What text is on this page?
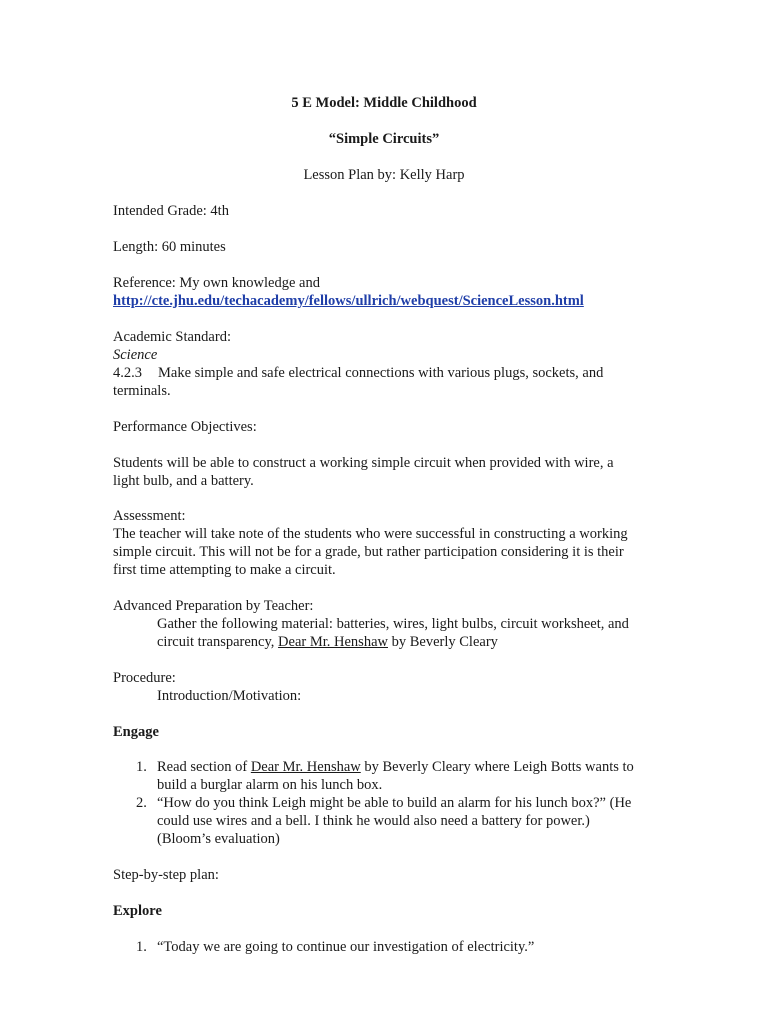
5 E Model: Middle Childhood
“Simple Circuits”
Lesson Plan by: Kelly Harp
Intended Grade: 4th
Length: 60 minutes
Reference: My own knowledge and
http://cte.jhu.edu/techacademy/fellows/ullrich/webquest/ScienceLesson.html
Academic Standard:
Science
4.2.3 Make simple and safe electrical connections with various plugs, sockets, and
terminals.
Performance Objectives:
Students will be able to construct a working simple circuit when provided with wire, a
light bulb, and a battery.
Assessment:
The teacher will take note of the students who were successful in constructing a working
simple circuit. This will not be for a grade, but rather participation considering it is their
first time attempting to make a circuit.
Advanced Preparation by Teacher:
Gather the following material: batteries, wires, light bulbs, circuit worksheet, and
circuit transparency, Dear Mr. Henshaw by Beverly Cleary
Procedure:
Introduction/Motivation:
Engage
1. Read section of Dear Mr. Henshaw by Beverly Cleary where Leigh Botts wants to
build a burglar alarm on his lunch box.
2. “How do you think Leigh might be able to build an alarm for his lunch box?” (He
could use wires and a bell. I think he would also need a battery for power.)
(Bloom’s evaluation)
Step-by-step plan:
Explore
1. “Today we are going to continue our investigation of electricity.”
